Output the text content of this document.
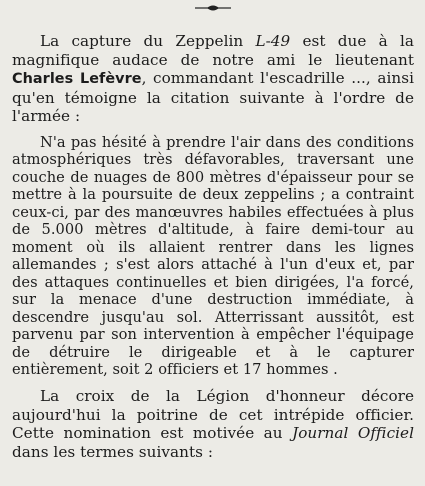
La capture du Zeppelin L-49 est due à la magnifique audace de notre ami le lieutenant Charles Lefèvre, commandant l'escadrille ..., ainsi qu'en témoigne la citation suivante à l'ordre de l'armée :

N'a pas hésité à prendre l'air dans des conditions atmosphériques très défavorables, traversant une couche de nuages de 800 mètres d'épaisseur pour se mettre à la poursuite de deux zeppelins ; a contraint ceux-ci, par des manœuvres habiles effectuées à plus de 5.000 mètres d'altitude, à faire demi-tour au moment où ils allaient rentrer dans les lignes allemandes ; s'est alors attaché à l'un d'eux et, par des attaques continuelles et bien dirigées, l'a forcé, sur la menace d'une destruction immédiate, à descendre jusqu'au sol. Atterrissant aussitôt, est parvenu par son intervention à empêcher l'équipage de détruire le dirigeable et à le capturer entièrement, soit 2 officiers et 17 hommes .

La croix de la Légion d'honneur décore aujourd'hui la poitrine de cet intrépide officier. Cette nomination est motivée au Journal Officiel dans les termes suivants :
